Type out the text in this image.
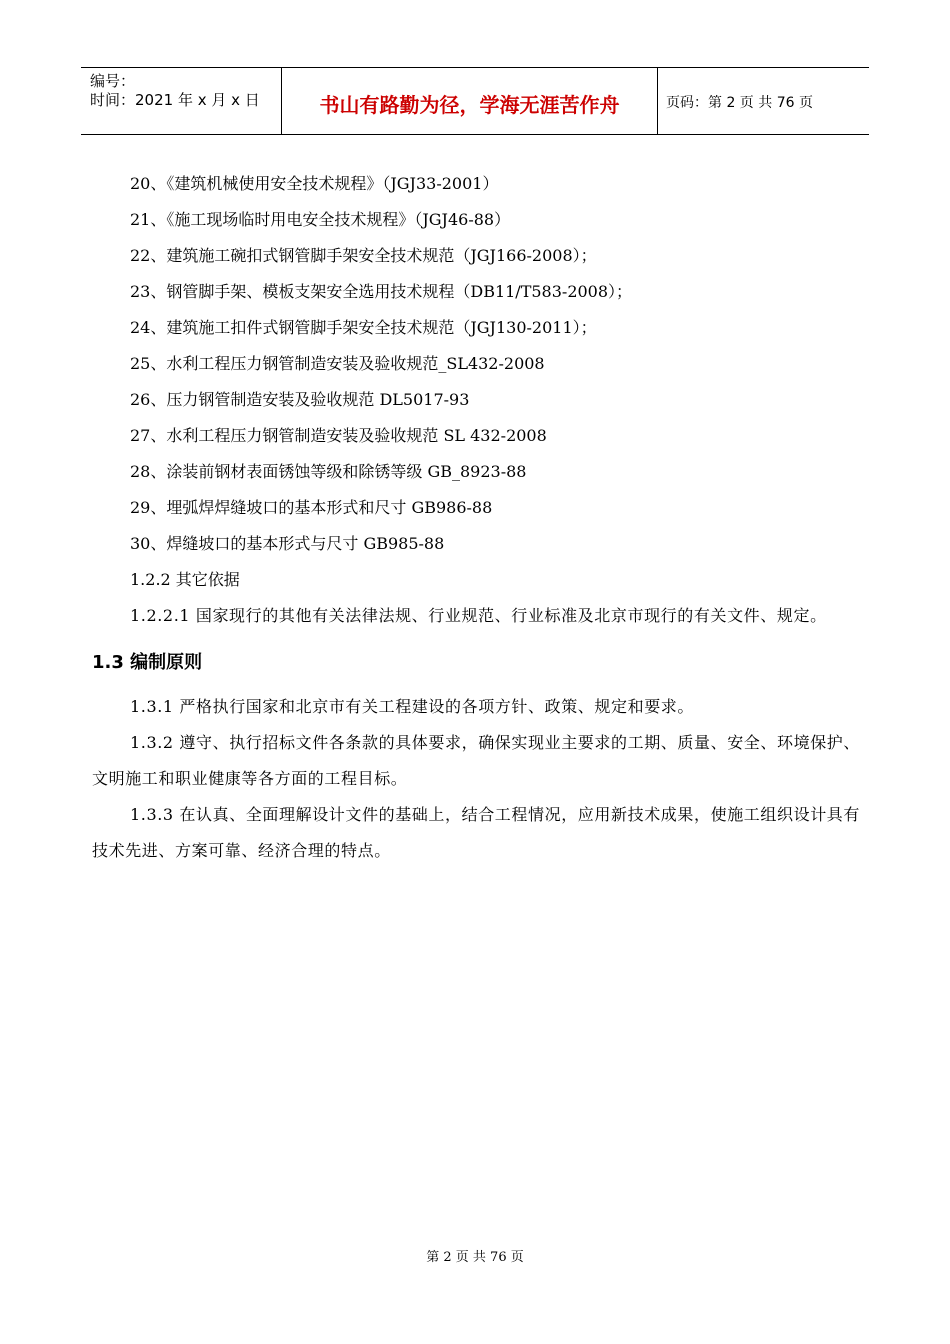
编号：
时间：2021 年 x 月 x 日	书山有路勤为径，学海无涯苦作舟	页码：第 2 页 共 76 页
20、《建筑机械使用安全技术规程》（JGJ33-2001）
21、《施工现场临时用电安全技术规程》（JGJ46-88）
22、建筑施工碗扣式钢管脚手架安全技术规范（JGJ166-2008）；
23、钢管脚手架、模板支架安全选用技术规程（DB11/T583-2008）；
24、建筑施工扣件式钢管脚手架安全技术规范（JGJ130-2011）；
25、水利工程压力钢管制造安装及验收规范_SL432-2008
26、压力钢管制造安装及验收规范 DL5017-93
27、水利工程压力钢管制造安装及验收规范 SL 432-2008
28、涂装前钢材表面锈蚀等级和除锈等级 GB_8923-88
29、埋弧焊焊缝坡口的基本形式和尺寸 GB986-88
30、焊缝坡口的基本形式与尺寸 GB985-88
1.2.2 其它依据
1.2.2.1 国家现行的其他有关法律法规、行业规范、行业标准及北京市现行的有关文件、规定。
1.3 编制原则
1.3.1 严格执行国家和北京市有关工程建设的各项方针、政策、规定和要求。
1.3.2 遵守、执行招标文件各条款的具体要求，确保实现业主要求的工期、质量、安全、环境保护、文明施工和职业健康等各方面的工程目标。
1.3.3 在认真、全面理解设计文件的基础上，结合工程情况，应用新技术成果，使施工组织设计具有技术先进、方案可靠、经济合理的特点。
第 2 页 共 76 页
